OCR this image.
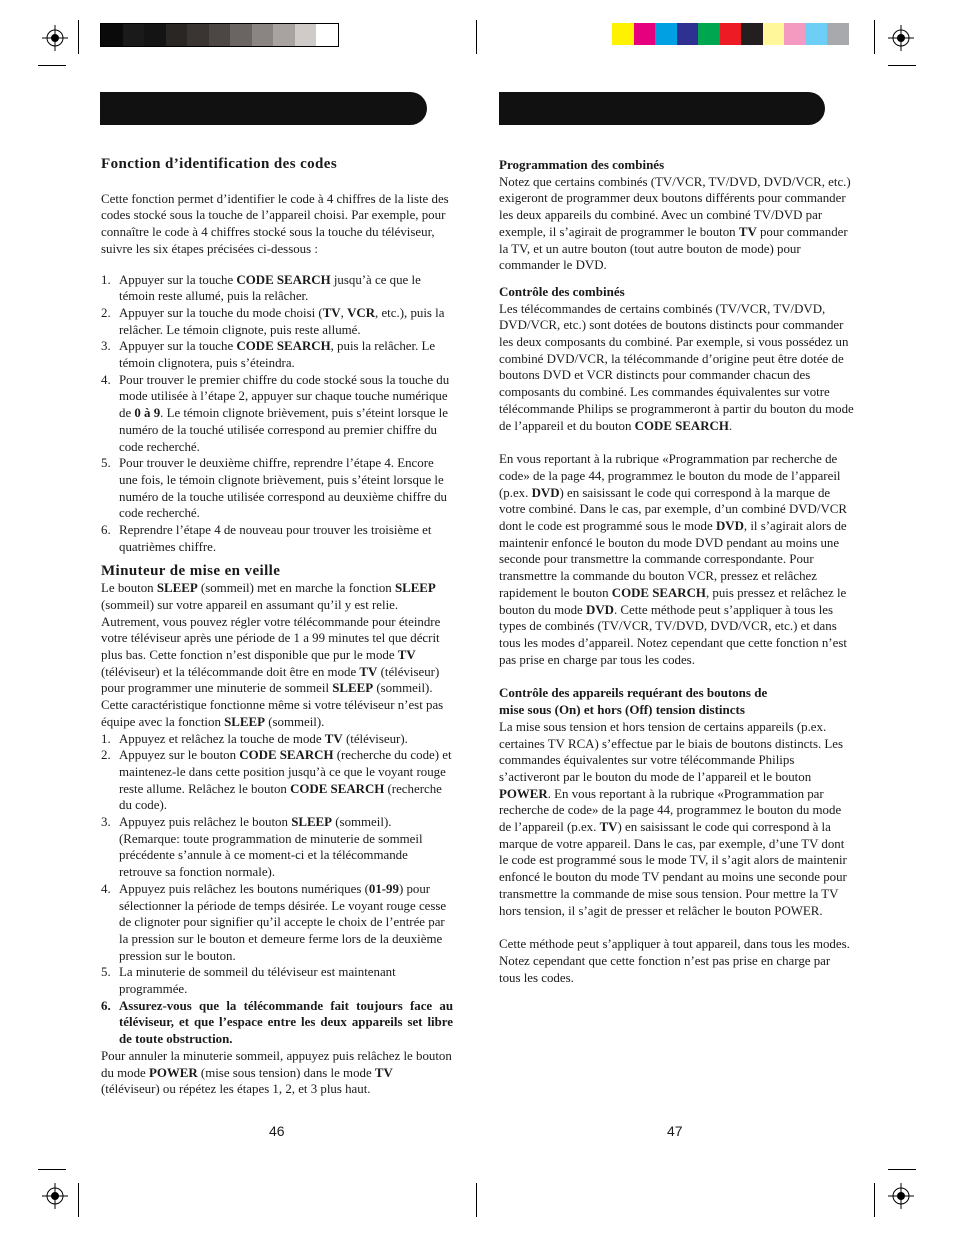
Fonction d’identification des codes

Cette fonction permet d’identifier le code à 4 chiffres de la liste des codes stocké sous la touche de l’appareil choisi. Par exemple, pour connaître le code à 4 chiffres stocké sous la touche du téléviseur, suivre les six étapes précisées ci-dessous :

1. Appuyer sur la touche CODE SEARCH jusqu’à ce que le témoin reste allumé, puis la relâcher.
2. Appuyer sur la touche du mode choisi (TV, VCR, etc.), puis la relâcher. Le témoin clignote, puis reste allumé.
3. Appuyer sur la touche CODE SEARCH, puis la relâcher. Le témoin clignotera, puis s’éteindra.
4. Pour trouver le premier chiffre du code stocké sous la touche du mode utilisée à l’étape 2, appuyer sur chaque touche numérique de 0 à 9. Le témoin clignote brièvement, puis s’éteint lorsque le numéro de la touché utilisée correspond au premier chiffre du code recherché.
5. Pour trouver le deuxième chiffre, reprendre l’étape 4. Encore une fois, le témoin clignote brièvement, puis s’éteint lorsque le numéro de la touche utilisée correspond au deuxième chiffre du code recherché.
6. Reprendre l’étape 4 de nouveau pour trouver les troisième et quatrièmes chiffre.

Minuteur de mise en veille

Le bouton SLEEP (sommeil) met en marche la fonction SLEEP (sommeil) sur votre appareil en assumant qu’il y est relie. Autrement, vous pouvez régler votre télécommande pour éteindre votre téléviseur après une période de 1 a 99 minutes tel que décrit plus bas. Cette fonction n’est disponible que pur le mode TV (téléviseur) et la télécommande doit être en mode TV (téléviseur) pour programmer une minuterie de sommeil SLEEP (sommeil). Cette caractéristique fonctionne même si votre téléviseur n’est pas équipe avec la fonction SLEEP (sommeil).

1. Appuyez et relâchez la touche de mode TV (téléviseur).
2. Appuyez sur le bouton CODE SEARCH (recherche du code) et maintenez-le dans cette position jusqu’à ce que le voyant rouge reste allume. Relâchez le bouton CODE SEARCH (recherche du code).
3. Appuyez puis relâchez le bouton SLEEP (sommeil). (Remarque: toute programmation de minuterie de sommeil précédente s’annule à ce moment-ci et la télécommande retrouve sa fonction normale).
4. Appuyez puis relâchez les boutons numériques (01-99) pour sélectionner la période de temps désirée. Le voyant rouge cesse de clignoter pour signifier qu’il accepte le choix de l’entrée par la pression sur le bouton et demeure ferme lors de la deuxième pression sur le bouton.
5. La minuterie de sommeil du téléviseur est maintenant programmée.
6. Assurez-vous que la télécommande fait toujours face au téléviseur, et que l’espace entre les deux appareils set libre de toute obstruction.

Pour annuler la minuterie sommeil, appuyez puis relâchez le bouton du mode POWER (mise sous tension) dans le mode TV (téléviseur) ou répétez les étapes 1, 2, et 3 plus haut.

46

Programmation des combinés

Notez que certains combinés (TV/VCR, TV/DVD, DVD/VCR, etc.) exigeront de programmer deux boutons différents pour commander les deux appareils du combiné. Avec un combiné TV/DVD par exemple, il s’agirait de programmer le bouton TV pour commander la TV, et un autre bouton (tout autre bouton de mode) pour commander le DVD.

Contrôle des combinés

Les télécommandes de certains combinés (TV/VCR, TV/DVD, DVD/VCR, etc.) sont dotées de boutons distincts pour commander les deux composants du combiné. Par exemple, si vous possédez un combiné DVD/VCR, la télécommande d’origine peut être dotée de boutons DVD et VCR distincts pour commander chacun des composants du combiné. Les commandes équivalentes sur votre télécommande Philips se programmeront à partir du bouton du mode de l’appareil et du bouton CODE SEARCH.

En vous reportant à la rubrique «Programmation par recherche de code» de la page 44, programmez le bouton du mode de l’appareil (p.ex. DVD) en saisissant le code qui correspond à la marque de votre combiné. Dans le cas, par exemple, d’un combiné DVD/VCR dont le code est programmé sous le mode DVD, il s’agirait alors de maintenir enfoncé le bouton du mode DVD pendant au moins une seconde pour transmettre la commande correspondante. Pour transmettre la commande du bouton VCR, pressez et relâchez rapidement le bouton CODE SEARCH, puis pressez et relâchez le bouton du mode DVD. Cette méthode peut s’appliquer à tous les types de combinés (TV/VCR, TV/DVD, DVD/VCR, etc.) et dans tous les modes d’appareil. Notez cependant que cette fonction n’est pas prise en charge par tous les codes.

Contrôle des appareils requérant des boutons de

mise sous (On) et hors (Off) tension distincts

La mise sous tension et hors tension de certains appareils (p.ex. certaines TV RCA) s’effectue par le biais de boutons distincts. Les commandes équivalentes sur votre télécommande Philips s’activeront par le bouton du mode de l’appareil et le bouton POWER. En vous reportant à la rubrique «Programmation par recherche de code» de la page 44, programmez le bouton du mode de l’appareil (p.ex. TV) en saisissant le code qui correspond à la marque de votre appareil. Dans le cas, par exemple, d’une TV dont le code est programmé sous le mode TV, il s’agit alors de maintenir enfoncé le bouton du mode TV pendant au moins une seconde pour transmettre la commande de mise sous tension. Pour mettre la TV hors tension, il s’agit de presser et relâcher le bouton POWER.

Cette méthode peut s’appliquer à tout appareil, dans tous les modes. Notez cependant que cette fonction n’est pas prise en charge par tous les codes.

47
